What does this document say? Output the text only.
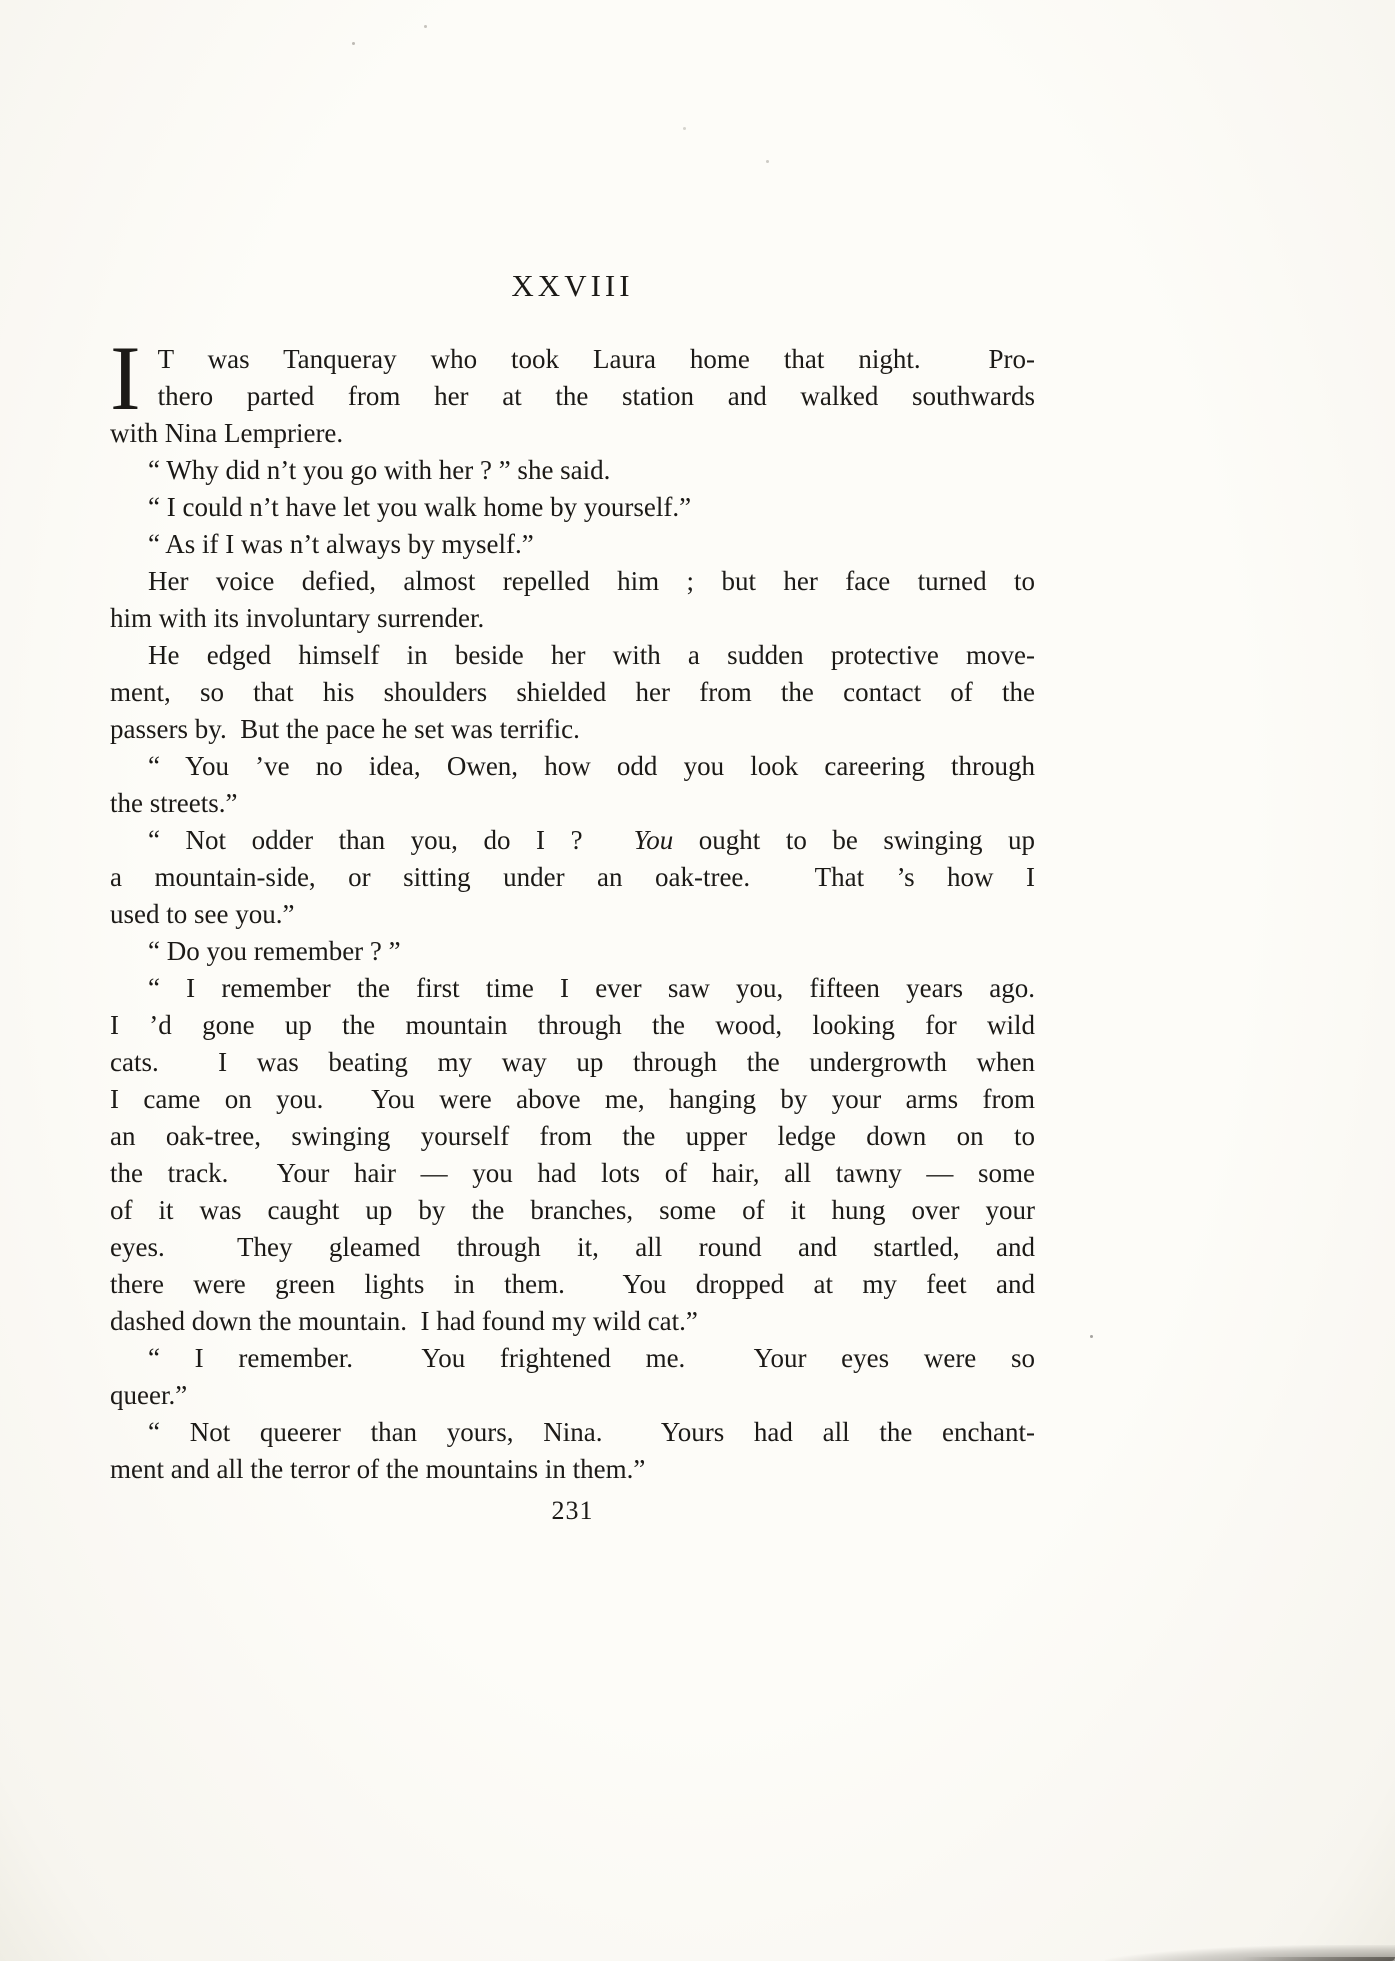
XXVIII
I T was Tanqueray who took Laura home that night.  Pro-
thero parted from her at the station and walked southwards
with Nina Lempriere.
“ Why did n’t you go with her ? ” she said.
“ I could n’t have let you walk home by yourself.”
“ As if I was n’t always by myself.”
Her voice defied, almost repelled him ; but her face turned to
him with its involuntary surrender.
He edged himself in beside her with a sudden protective move-
ment, so that his shoulders shielded her from the contact of the
passers by.  But the pace he set was terrific.
“ You ’ve no idea, Owen, how odd you look careering through
the streets.”
“ Not odder than you, do I ?  You ought to be swinging up
a mountain-side, or sitting under an oak-tree.  That ’s how I
used to see you.”
“ Do you remember ? ”
“ I remember the first time I ever saw you, fifteen years ago.
I ’d gone up the mountain through the wood, looking for wild
cats.  I was beating my way up through the undergrowth when
I came on you.  You were above me, hanging by your arms from
an oak-tree, swinging yourself from the upper ledge down on to
the track.  Your hair — you had lots of hair, all tawny — some
of it was caught up by the branches, some of it hung over your
eyes.  They gleamed through it, all round and startled, and
there were green lights in them.  You dropped at my feet and
dashed down the mountain.  I had found my wild cat.”
“ I remember.  You frightened me.  Your eyes were so
queer.”
“ Not queerer than yours, Nina.  Yours had all the enchant-
ment and all the terror of the mountains in them.”
231
